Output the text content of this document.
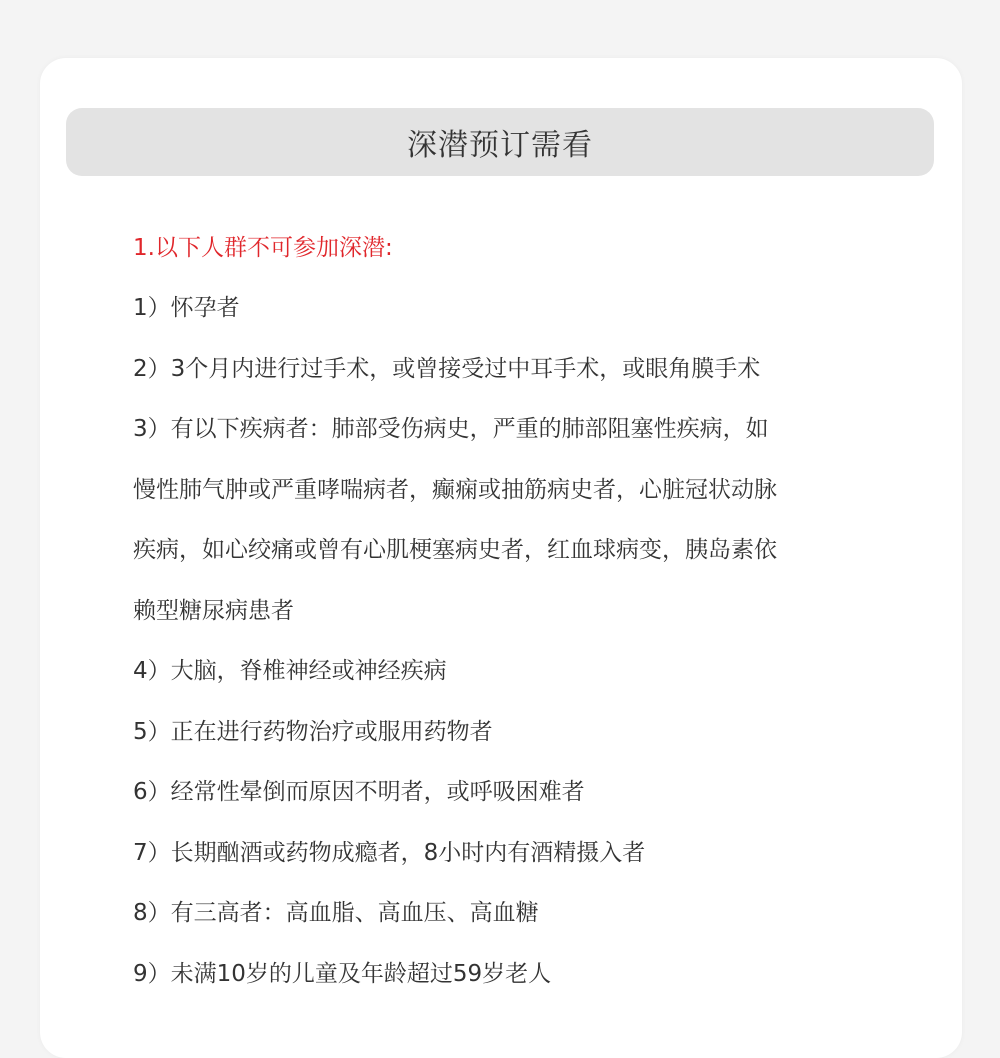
深潜预订需看
1.以下人群不可参加深潜:
1）怀孕者
2）3个月内进行过手术，或曾接受过中耳手术，或眼角膜手术
3）有以下疾病者：肺部受伤病史，严重的肺部阻塞性疾病，如
慢性肺气肿或严重哮喘病者，癫痫或抽筋病史者，心脏冠状动脉
疾病，如心绞痛或曾有心肌梗塞病史者，红血球病变，胰岛素依
赖型糖尿病患者
4）大脑，脊椎神经或神经疾病
5）正在进行药物治疗或服用药物者
6）经常性晕倒而原因不明者，或呼吸困难者
7）长期酗酒或药物成瘾者，8小时内有酒精摄入者
8）有三高者：高血脂、高血压、高血糖
9）未满10岁的儿童及年龄超过59岁老人
